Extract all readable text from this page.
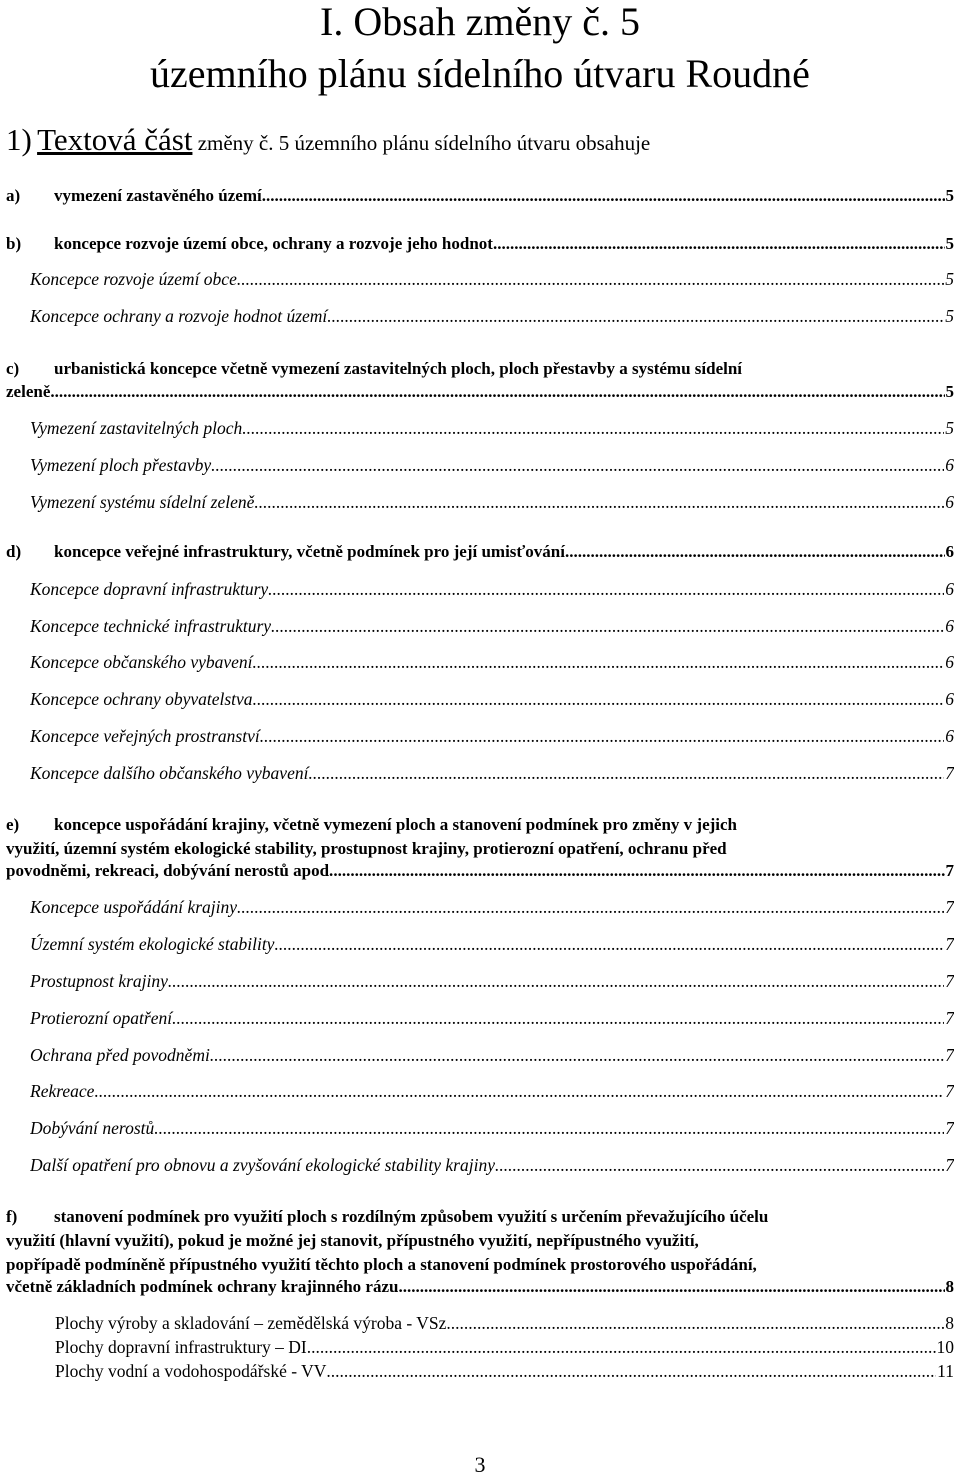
I. Obsah změny č. 5
územního plánu sídelního útvaru Roudné
1) Textová část změny č. 5 územního plánu sídelního útvaru obsahuje
a) vymezení zastavěného území .....	5
b) koncepce rozvoje území obce, ochrany a rozvoje jeho hodnot .....	5
Koncepce rozvoje území obce .....	5
Koncepce ochrany a rozvoje hodnot území .....	5
c) urbanistická koncepce včetně vymezení zastavitelných ploch, ploch přestavby a systému sídelní
zeleně .....	5
Vymezení zastavitelných ploch .....	5
Vymezení ploch přestavby .....	6
Vymezení systému sídelní zeleně .....	6
d) koncepce veřejné infrastruktury, včetně podmínek pro její umisťování .....	6
Koncepce dopravní infrastruktury .....	6
Koncepce technické infrastruktury .....	6
Koncepce občanského vybavení .....	6
Koncepce ochrany obyvatelstva .....	6
Koncepce veřejných prostranství .....	6
Koncepce dalšího občanského vybavení .....	7
e) koncepce uspořádání krajiny, včetně vymezení ploch a stanovení podmínek pro změny v jejich
využití, územní systém ekologické stability, prostupnost krajiny, protierozní opatření, ochranu před
povodněmi, rekreaci, dobývání nerostů apod. .....	7
Koncepce uspořádání krajiny .....	7
Územní systém ekologické stability .....	7
Prostupnost krajiny .....	7
Protierozní opatření .....	7
Ochrana před povodněmi .....	7
Rekreace .....	7
Dobývání nerostů .....	7
Další opatření pro obnovu a zvyšování ekologické stability krajiny .....	7
f) stanovení podmínek pro využití ploch s rozdílným způsobem využití s určením převažujícího účelu
využití (hlavní využití), pokud je možné jej stanovit, přípustného využití, nepřípustného využití,
popřípadě podmíněně přípustného využití těchto ploch a stanovení podmínek prostorového uspořádání,
včetně základních podmínek ochrany krajinného rázu .....	8
Plochy výroby a skladování – zemědělská výroba - VSz .....	8
Plochy dopravní infrastruktury – DI .....	10
Plochy vodní a vodohospodářské - VV .....	11
3
